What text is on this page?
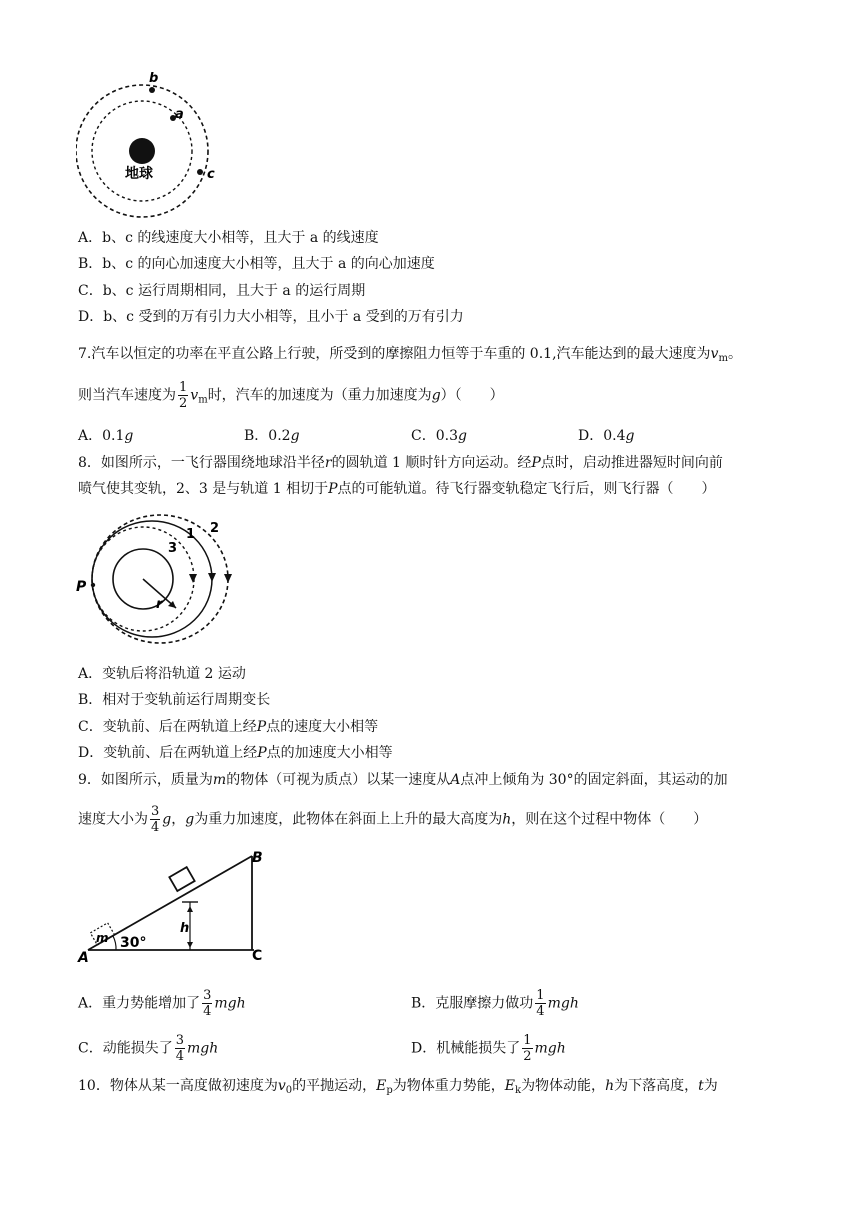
b
a
c
地球
A．b、c 的线速度大小相等，且大于 a 的线速度
B．b、c 的向心加速度大小相等，且大于 a 的向心加速度
C．b、c 运行周期相同，且大于 a 的运行周期
D．b、c 受到的万有引力大小相等，且小于 a 受到的万有引力
7.汽车以恒定的功率在平直公路上行驶，所受到的摩擦阻力恒等于车重的 0.1,汽车能达到的最大速度为$v_m$。
则当汽车速度为 $\frac{1}{2} v_m$时，汽车的加速度为（重力加速度为g）（　　）
A．0.1g	B．0.2g	C．0.3g	D．0.4g
8．如图所示，一飞行器围绕地球沿半径r的圆轨道 1 顺时针方向运动。经P点时，启动推进器短时间向前
喷气使其变轨，2、3 是与轨道 1 相切于P点的可能轨道。待飞行器变轨稳定飞行后，则飞行器（　　）
P
r
3
1 2
A．变轨后将沿轨道 2 运动
B．相对于变轨前运行周期变长
C．变轨前、后在两轨道上经P点的速度大小相等
D．变轨前、后在两轨道上经P点的加速度大小相等
9．如图所示，质量为m的物体（可视为质点）以某一速度从A点冲上倾角为 30°的固定斜面，其运动的加
速度大小为 $\frac{3}{4}$ g，g为重力加速度，此物体在斜面上上升的最大高度为h，则在这个过程中物体（　　）
A
B
C
h
m 30°
A．重力势能增加了 $\frac{3}{4}$ mgh	B．克服摩擦力做功 $\frac{1}{4}$ mgh
C．动能损失了 $\frac{3}{4}$ mgh	D．机械能损失了 $\frac{1}{2}$ mgh
10．物体从某一高度做初速度为$v_0$的平抛运动，$E_p$为物体重力势能，$E_k$为物体动能，h为下落高度，t为
